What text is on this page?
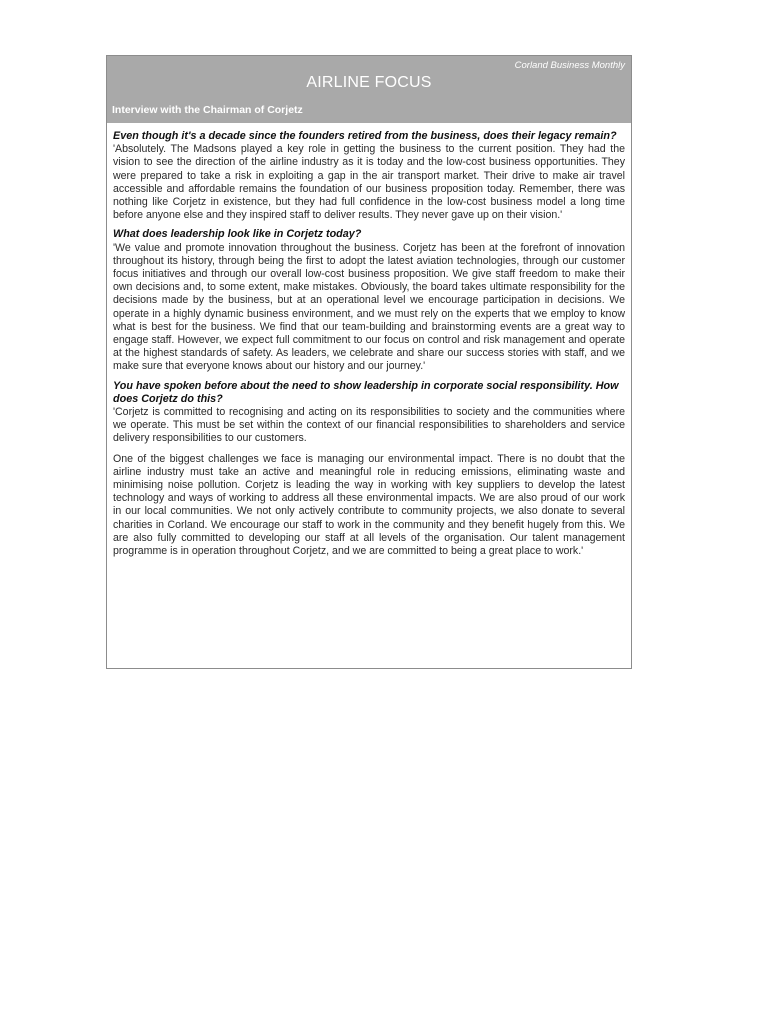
Corland Business Monthly
AIRLINE FOCUS
Interview with the Chairman of Corjetz
Even though it's a decade since the founders retired from the business, does their legacy remain?
'Absolutely. The Madsons played a key role in getting the business to the current position. They had the vision to see the direction of the airline industry as it is today and the low-cost business opportunities. They were prepared to take a risk in exploiting a gap in the air transport market. Their drive to make air travel accessible and affordable remains the foundation of our business proposition today. Remember, there was nothing like Corjetz in existence, but they had full confidence in the low-cost business model a long time before anyone else and they inspired staff to deliver results. They never gave up on their vision.'
What does leadership look like in Corjetz today?
'We value and promote innovation throughout the business. Corjetz has been at the forefront of innovation throughout its history, through being the first to adopt the latest aviation technologies, through our customer focus initiatives and through our overall low-cost business proposition. We give staff freedom to make their own decisions and, to some extent, make mistakes. Obviously, the board takes ultimate responsibility for the decisions made by the business, but at an operational level we encourage participation in decisions. We operate in a highly dynamic business environment, and we must rely on the experts that we employ to know what is best for the business. We find that our team-building and brainstorming events are a great way to engage staff. However, we expect full commitment to our focus on control and risk management and operate at the highest standards of safety. As leaders, we celebrate and share our success stories with staff, and we make sure that everyone knows about our history and our journey.'
You have spoken before about the need to show leadership in corporate social responsibility. How does Corjetz do this?
'Corjetz is committed to recognising and acting on its responsibilities to society and the communities where we operate. This must be set within the context of our financial responsibilities to shareholders and service delivery responsibilities to our customers.
One of the biggest challenges we face is managing our environmental impact. There is no doubt that the airline industry must take an active and meaningful role in reducing emissions, eliminating waste and minimising noise pollution. Corjetz is leading the way in working with key suppliers to develop the latest technology and ways of working to address all these environmental impacts. We are also proud of our work in our local communities. We not only actively contribute to community projects, we also donate to several charities in Corland. We encourage our staff to work in the community and they benefit hugely from this. We are also fully committed to developing our staff at all levels of the organisation. Our talent management programme is in operation throughout Corjetz, and we are committed to being a great place to work.'
